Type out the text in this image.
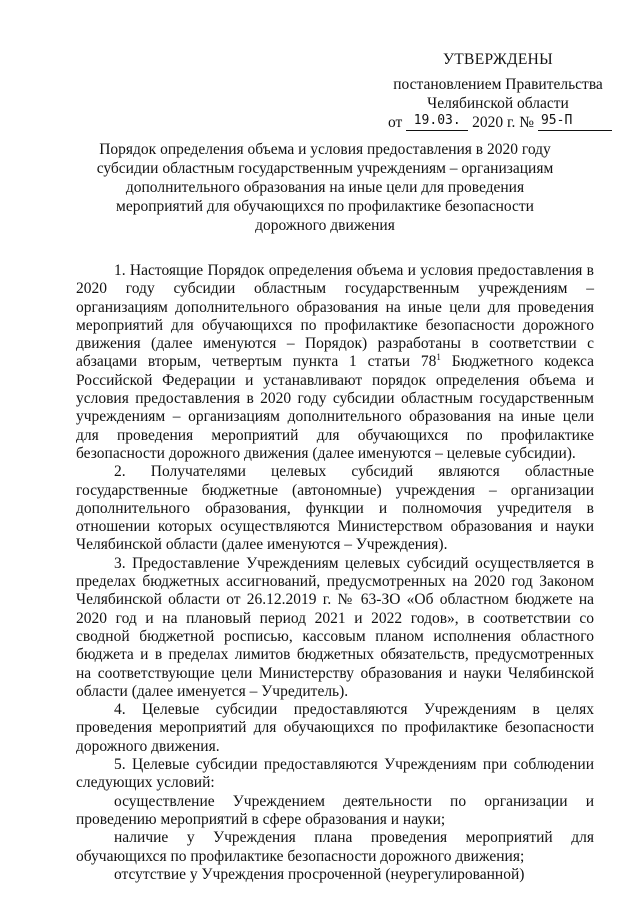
УТВЕРЖДЕНЫ
постановлением Правительства
Челябинской области
от 19.03. 2020 г. № 95-П
Порядок определения объема и условия предоставления в 2020 году субсидии областным государственным учреждениям – организациям дополнительного образования на иные цели для проведения мероприятий для обучающихся по профилактике безопасности дорожного движения

1. Настоящие Порядок определения объема и условия предоставления в 2020 году субсидии областным государственным учреждениям – организациям дополнительного образования на иные цели для проведения мероприятий для обучающихся по профилактике безопасности дорожного движения (далее именуются – Порядок) разработаны в соответствии с абзацами вторым, четвертым пункта 1 статьи $78^1$ Бюджетного кодекса Российской Федерации и устанавливают порядок определения объема и условия предоставления в 2020 году субсидии областным государственным учреждениям – организациям дополнительного образования на иные цели для проведения мероприятий для обучающихся по профилактике безопасности дорожного движения (далее именуются – целевые субсидии).

2. Получателями целевых субсидий являются областные государственные бюджетные (автономные) учреждения – организации дополнительного образования, функции и полномочия учредителя в отношении которых осуществляются Министерством образования и науки Челябинской области (далее именуются – Учреждения).

3. Предоставление Учреждениям целевых субсидий осуществляется в пределах бюджетных ассигнований, предусмотренных на 2020 год Законом Челябинской области от 26.12.2019 г. № 63-ЗО «Об областном бюджете на 2020 год и на плановый период 2021 и 2022 годов», в соответствии со сводной бюджетной росписью, кассовым планом исполнения областного бюджета и в пределах лимитов бюджетных обязательств, предусмотренных на соответствующие цели Министерству образования и науки Челябинской области (далее именуется – Учредитель).

4. Целевые субсидии предоставляются Учреждениям в целях проведения мероприятий для обучающихся по профилактике безопасности дорожного движения.

5. Целевые субсидии предоставляются Учреждениям при соблюдении следующих условий:

осуществление Учреждением деятельности по организации и проведению мероприятий в сфере образования и науки;

наличие у Учреждения плана проведения мероприятий для обучающихся по профилактике безопасности дорожного движения;

отсутствие у Учреждения просроченной (неурегулированной)
